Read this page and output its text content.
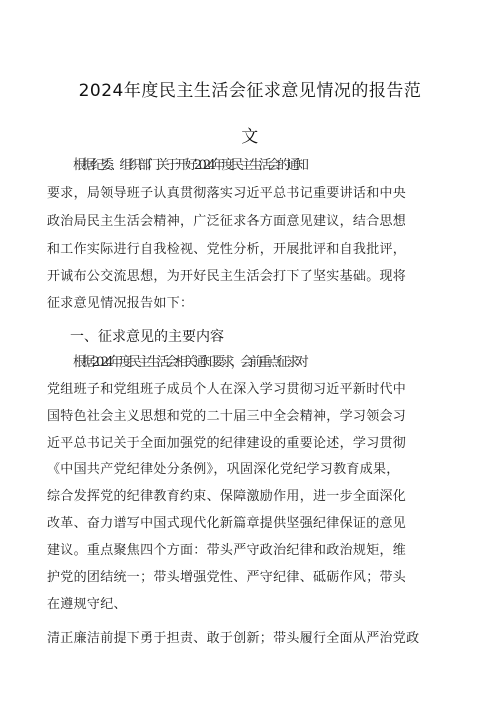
2024年度民主生活会征求意见情况的报告范
文
根据纪委、组织部门关于开好2024年度民主生活会的通知
要求，局领导班子认真贯彻落实习近平总书记重要讲话和中央
政治局民主生活会精神，广泛征求各方面意见建议，结合思想
和工作实际进行自我检视、党性分析，开展批评和自我批评，
开诚布公交流思想，为开好民主生活会打下了坚实基础。现将
征求意见情况报告如下：
一、征求意见的主要内容
根据2024年度民主生活会相关通知要求，会前重点征求对
党组班子和党组班子成员个人在深入学习贯彻习近平新时代中
国特色社会主义思想和党的二十届三中全会精神，学习领会习
近平总书记关于全面加强党的纪律建设的重要论述，学习贯彻
《中国共产党纪律处分条例》，巩固深化党纪学习教育成果，
综合发挥党的纪律教育约束、保障激励作用，进一步全面深化
改革、奋力谱写中国式现代化新篇章提供坚强纪律保证的意见
建议。重点聚焦四个方面：带头严守政治纪律和政治规矩，维
护党的团结统一；带头增强党性、严守纪律、砥砺作风；带头
在遵规守纪、
清正廉洁前提下勇于担责、敢于创新；带头履行全面从严治党政
